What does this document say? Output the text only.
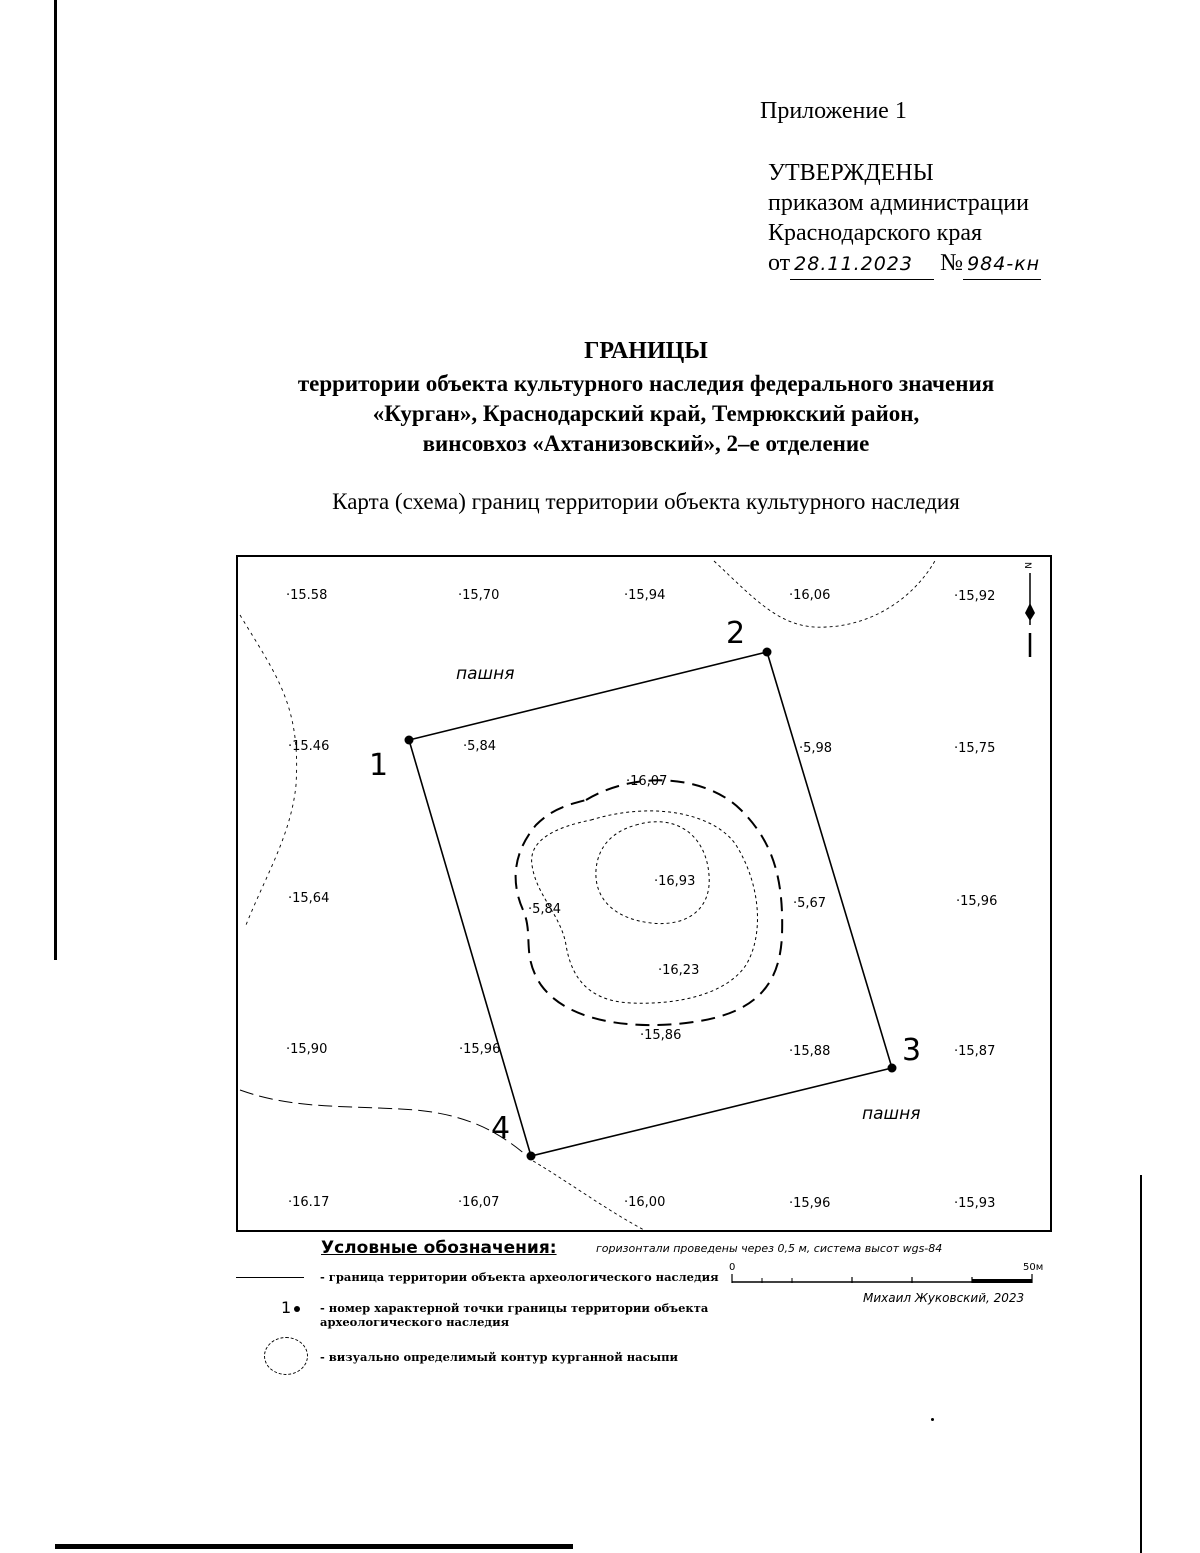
Приложение 1
УТВЕРЖДЕНЫ
приказом администрации
Краснодарского края
от 28.11.2023 № 984-кн
ГРАНИЦЫ
территории объекта культурного наследия федерального значения
«Курган», Краснодарский край, Темрюкский район,
винсовхоз «Ахтанизовский», 2–е отделение
Карта (схема) границ территории объекта культурного наследия
1
2
3
4
пашня
пашня
N
·15.58	·15,70	·15,94	·16,06	·15,92
·15.46	·5,84	·5,98	·15,75
·15,64
·16,07
·16,93
·5,84	·5,67	·15,96
·16,23
·15,86
·15,90	·15,96	·15,88	·15,87
·16.17	·16,07	·16,00	·15,96	·15,93
Условные обозначения:	горизонтали проведены через 0,5 м, система высот wgs-84
- граница территории объекта археологического наследия
1	- номер характерной точки границы территории объекта археологического наследия
- визуально определимый контур курганной насыпи
0	50м
Михаил Жуковский, 2023
